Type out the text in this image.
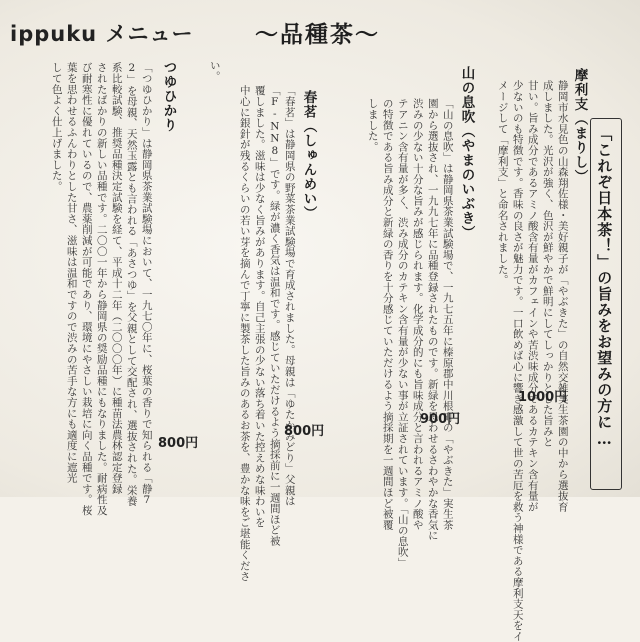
ippuku メニュー	～品種茶～
「これぞ日本茶！」の旨みをお望みの方に…
摩利支（まりし）
静岡市水見色の山森翔佐様・美好親子が「やぶきた」の自然交雑実生茶園の中から選抜育
成しました。光沢が強く、色沢が鮮やかで鮮明にしてしっかりとした旨みと
甘い。旨み成分であるアミノ酸含有量がカフェインや苦渋味成分であるカテキン含有量が
少ないのも特徴です。香味の良さが魅力です。一口飲めば心に響き感激して世の苦厄を救う神様である摩利支天をイ
メージして「摩利支」と命名されました。
1000円
山の息吹（やまのいぶき）
「山の息吹」は静岡県茶業試験場で、一九七五年に榛原郡中川根町の「やぶきた」実生茶
園から選抜され、一九九七年に品種登録されたものです。新緑を思わせるさわやかな香気に
渋みの少ない十分な旨みが感じられます。化学成分的にも旨味成分と言われるアミノ酸や
テアニン含有量が多く、渋み成分のカテキン含有量が少ない事が立証されています。「山の息吹」
の特徴である旨み成分と新緑の香りを十分感じていただけるよう摘採期を一週間ほど被覆
しました。
900円
春茗（しゅんめい）
「春茗」は静岡県の野菜茶業試験場で育成されました。母親は「ゆたかみどり」父親は
「F-NN8」です。緑が濃く香気は温和です。感じていただけるよう摘採前に一週間ほど被
覆しました。滋味は少なく旨みがあります。自己主張の少ない落ち着いた控えめな味わいを
中心に銀針が残るくらいの若い芽を摘んで丁寧に製茶した旨みのあるお茶を、豊かな味をご堪能くださ
い。
800円
つゆひかり
「つゆひかり」は静岡県茶業試験場において、一九七〇年に、桜葉の香りで知られる「静7
2」を母親、天然玉露とも言われる「あさつゆ」を父親として交配され、選抜された。栄養
系比較試験、推奨品種決定試験を経て、平成十二年（二〇〇〇年）に種苗法農林認定登録
されたばかりの新しい品種です。二〇〇一年から静岡県の奨励品種にもなりました。耐病性及
び耐寒性に優れているので、農薬削減が可能であり、環境にやさしい栽培に向く品種です。桜
葉を思わせるふんわりとした甘さ、滋味は温和ですので渋みの苦手な方にも適度に遮光
して色よく仕上げました。
800円
